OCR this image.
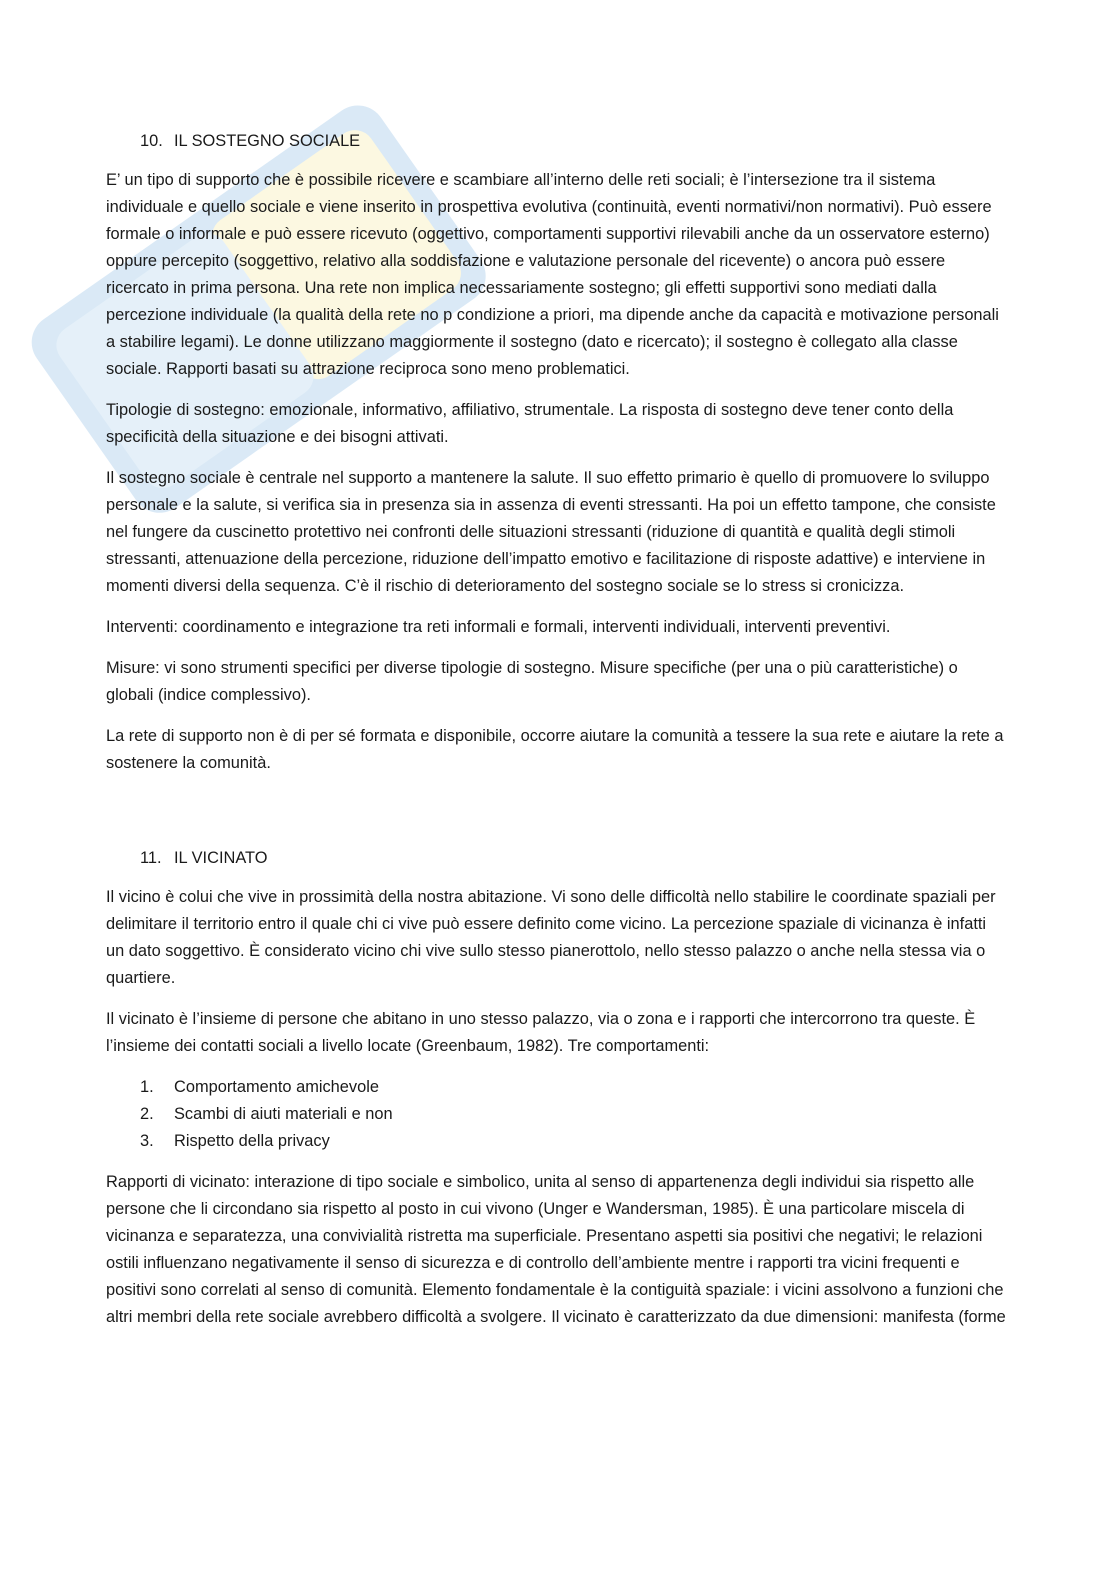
10. IL SOSTEGNO SOCIALE

E’ un tipo di supporto che è possibile ricevere e scambiare all’interno delle reti sociali; è l’intersezione tra il sistema individuale e quello sociale e viene inserito in prospettiva evolutiva (continuità, eventi normativi/non normativi). Può essere formale o informale e può essere ricevuto (oggettivo, comportamenti supportivi rilevabili anche da un osservatore esterno) oppure percepito (soggettivo, relativo alla soddisfazione e valutazione personale del ricevente) o ancora può essere ricercato in prima persona. Una rete non implica necessariamente sostegno; gli effetti supportivi sono mediati dalla percezione individuale (la qualità della rete no p condizione a priori, ma dipende anche da capacità e motivazione personali a stabilire legami). Le donne utilizzano maggiormente il sostegno (dato e ricercato); il sostegno è collegato alla classe sociale. Rapporti basati su attrazione reciproca sono meno problematici.

Tipologie di sostegno: emozionale, informativo, affiliativo, strumentale. La risposta di sostegno deve tener conto della specificità della situazione e dei bisogni attivati.

Il sostegno sociale è centrale nel supporto a mantenere la salute. Il suo effetto primario è quello di promuovere lo sviluppo personale e la salute, si verifica sia in presenza sia in assenza di eventi stressanti. Ha poi un effetto tampone, che consiste nel fungere da cuscinetto protettivo nei confronti delle situazioni stressanti (riduzione di quantità e qualità degli stimoli stressanti, attenuazione della percezione, riduzione dell’impatto emotivo e facilitazione di risposte adattive) e interviene in momenti diversi della sequenza. C’è il rischio di deterioramento del sostegno sociale se lo stress si cronicizza.

Interventi: coordinamento e integrazione tra reti informali e formali, interventi individuali, interventi preventivi.

Misure: vi sono strumenti specifici per diverse tipologie di sostegno. Misure specifiche (per una o più caratteristiche) o globali (indice complessivo).

La rete di supporto non è di per sé formata e disponibile, occorre aiutare la comunità a tessere la sua rete e aiutare la rete a sostenere la comunità.

11. IL VICINATO

Il vicino è colui che vive in prossimità della nostra abitazione. Vi sono delle difficoltà nello stabilire le coordinate spaziali per delimitare il territorio entro il quale chi ci vive può essere definito come vicino. La percezione spaziale di vicinanza è infatti un dato soggettivo. È considerato vicino chi vive sullo stesso pianerottolo, nello stesso palazzo o anche nella stessa via o quartiere.

Il vicinato è l’insieme di persone che abitano in uno stesso palazzo, via o zona e i rapporti che intercorrono tra queste. È l’insieme dei contatti sociali a livello locate (Greenbaum, 1982). Tre comportamenti:

1.	Comportamento amichevole
2.	Scambi di aiuti materiali e non
3.	Rispetto della privacy

Rapporti di vicinato: interazione di tipo sociale e simbolico, unita al senso di appartenenza degli individui sia rispetto alle persone che li circondano sia rispetto al posto in cui vivono (Unger e Wandersman, 1985). È una particolare miscela di vicinanza e separatezza, una convivialità ristretta ma superficiale. Presentano aspetti sia positivi che negativi; le relazioni ostili influenzano negativamente il senso di sicurezza e di controllo dell’ambiente mentre i rapporti tra vicini frequenti e positivi sono correlati al senso di comunità. Elemento fondamentale è la contiguità spaziale: i vicini assolvono a funzioni che altri membri della rete sociale avrebbero difficoltà a svolgere. Il vicinato è caratterizzato da due dimensioni: manifesta (forme
